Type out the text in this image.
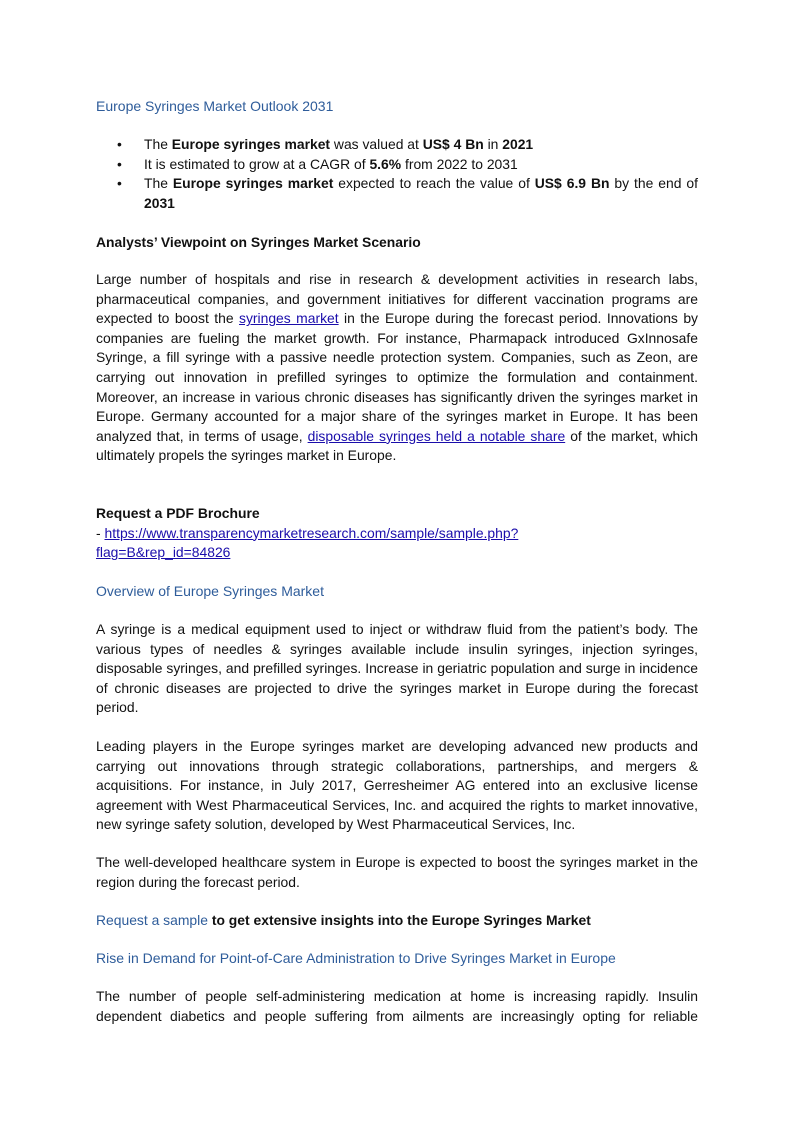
Europe Syringes Market Outlook 2031
• The Europe syringes market was valued at US$ 4 Bn in 2021
• It is estimated to grow at a CAGR of 5.6% from 2022 to 2031
• The Europe syringes market expected to reach the value of US$ 6.9 Bn by the end of 2031
Analysts’ Viewpoint on Syringes Market Scenario

Large number of hospitals and rise in research & development activities in research labs, pharmaceutical companies, and government initiatives for different vaccination programs are expected to boost the syringes market in the Europe during the forecast period. Innovations by companies are fueling the market growth. For instance, Pharmapack introduced GxInnosafe Syringe, a fill syringe with a passive needle protection system. Companies, such as Zeon, are carrying out innovation in prefilled syringes to optimize the formulation and containment. Moreover, an increase in various chronic diseases has significantly driven the syringes market in Europe. Germany accounted for a major share of the syringes market in Europe. It has been analyzed that, in terms of usage, disposable syringes held a notable share of the market, which ultimately propels the syringes market in Europe.

Request a PDF Brochure
- https://www.transparencymarketresearch.com/sample/sample.php?
flag=B&rep_id=84826
Overview of Europe Syringes Market

A syringe is a medical equipment used to inject or withdraw fluid from the patient’s body. The various types of needles & syringes available include insulin syringes, injection syringes, disposable syringes, and prefilled syringes. Increase in geriatric population and surge in incidence of chronic diseases are projected to drive the syringes market in Europe during the forecast period.

Leading players in the Europe syringes market are developing advanced new products and carrying out innovations through strategic collaborations, partnerships, and mergers & acquisitions. For instance, in July 2017, Gerresheimer AG entered into an exclusive license agreement with West Pharmaceutical Services, Inc. and acquired the rights to market innovative, new syringe safety solution, developed by West Pharmaceutical Services, Inc.

The well-developed healthcare system in Europe is expected to boost the syringes market in the region during the forecast period.

Request a sample to get extensive insights into the Europe Syringes Market
Rise in Demand for Point-of-Care Administration to Drive Syringes Market in Europe

The number of people self-administering medication at home is increasing rapidly. Insulin dependent diabetics and people suffering from ailments are increasingly opting for reliable
